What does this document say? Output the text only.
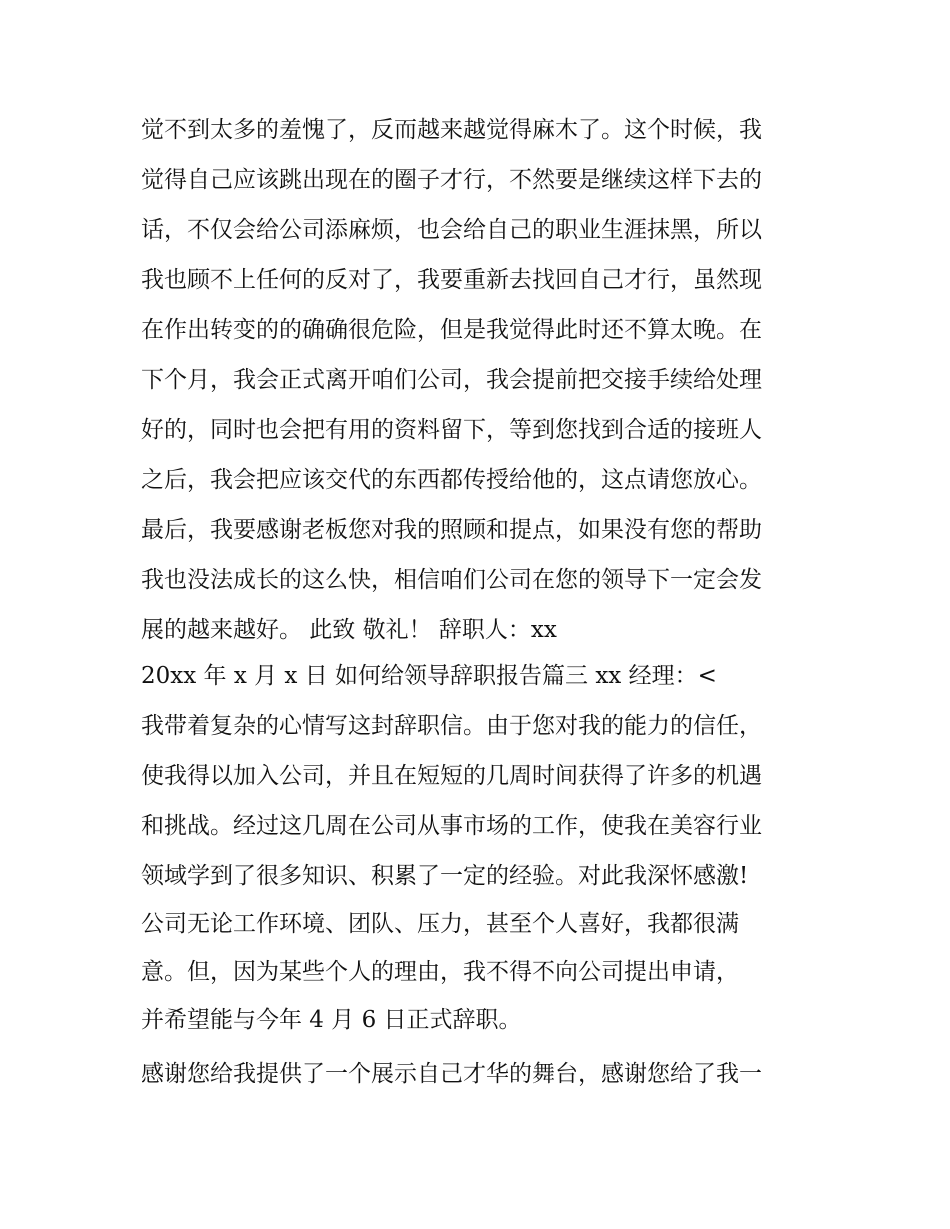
觉不到太多的羞愧了，反而越来越觉得麻木了。这个时候，我
觉得自己应该跳出现在的圈子才行，不然要是继续这样下去的
话，不仅会给公司添麻烦，也会给自己的职业生涯抹黑，所以
我也顾不上任何的反对了，我要重新去找回自己才行，虽然现
在作出转变的的确确很危险，但是我觉得此时还不算太晚。在
下个月，我会正式离开咱们公司，我会提前把交接手续给处理
好的，同时也会把有用的资料留下，等到您找到合适的接班人
之后，我会把应该交代的东西都传授给他的，这点请您放心。
最后，我要感谢老板您对我的照顾和提点，如果没有您的帮助
我也没法成长的这么快，相信咱们公司在您的领导下一定会发
展的越来越好。 此致 敬礼！ 辞职人：xx
20xx 年 x 月 x 日 如何给领导辞职报告篇三 xx 经理：<
我带着复杂的心情写这封辞职信。由于您对我的能力的信任，
使我得以加入公司，并且在短短的几周时间获得了许多的机遇
和挑战。经过这几周在公司从事市场的工作，使我在美容行业
领域学到了很多知识、积累了一定的经验。对此我深怀感激!
公司无论工作环境、团队、压力，甚至个人喜好，我都很满
意。但，因为某些个人的理由，我不得不向公司提出申请，
并希望能与今年 4 月 6 日正式辞职。
感谢您给我提供了一个展示自己才华的舞台，感谢您给了我一
